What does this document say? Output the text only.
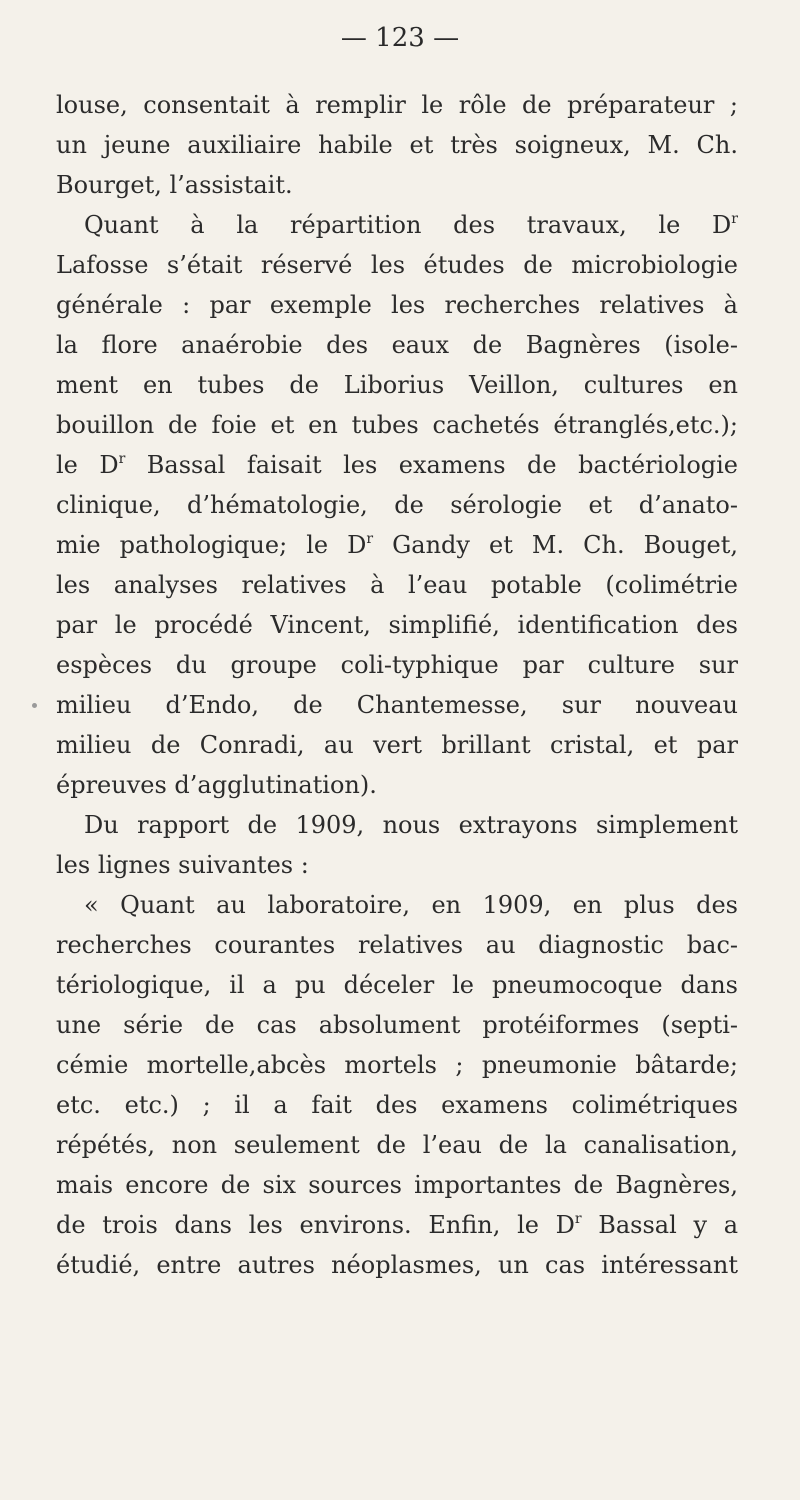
— 123 —
louse, consentait à remplir le rôle de préparateur ;
un jeune auxiliaire habile et très soigneux, M. Ch.
Bourget, l’assistait.
Quant à la répartition des travaux, le $D^r$
Lafosse s’était réservé les études de microbiologie
générale : par exemple les recherches relatives à
la flore anaérobie des eaux de Bagnères (isole-
ment en tubes de Liborius Veillon, cultures en
bouillon de foie et en tubes cachetés étranglés,etc.);
le $D^r$ Bassal faisait les examens de bactériologie
clinique, d’hématologie, de sérologie et d’anato-
mie pathologique; le $D^r$ Gandy et M. Ch. Bouget,
les analyses relatives à l’eau potable (colimétrie
par le procédé Vincent, simplifié, identification des
espèces du groupe coli-typhique par culture sur
milieu d’Endo, de Chantemesse, sur nouveau
milieu de Conradi, au vert brillant cristal, et par
épreuves d’agglutination).
Du rapport de 1909, nous extrayons simplement
les lignes suivantes :
« Quant au laboratoire, en 1909, en plus des
recherches courantes relatives au diagnostic bac-
tériologique, il a pu déceler le pneumocoque dans
une série de cas absolument protéiformes (septi-
cémie mortelle,abcès mortels ; pneumonie bâtarde;
etc. etc.) ; il a fait des examens colimétriques
répétés, non seulement de l’eau de la canalisation,
mais encore de six sources importantes de Bagnères,
de trois dans les environs. Enfin, le $D^r$ Bassal y a
étudié, entre autres néoplasmes, un cas intéressant
